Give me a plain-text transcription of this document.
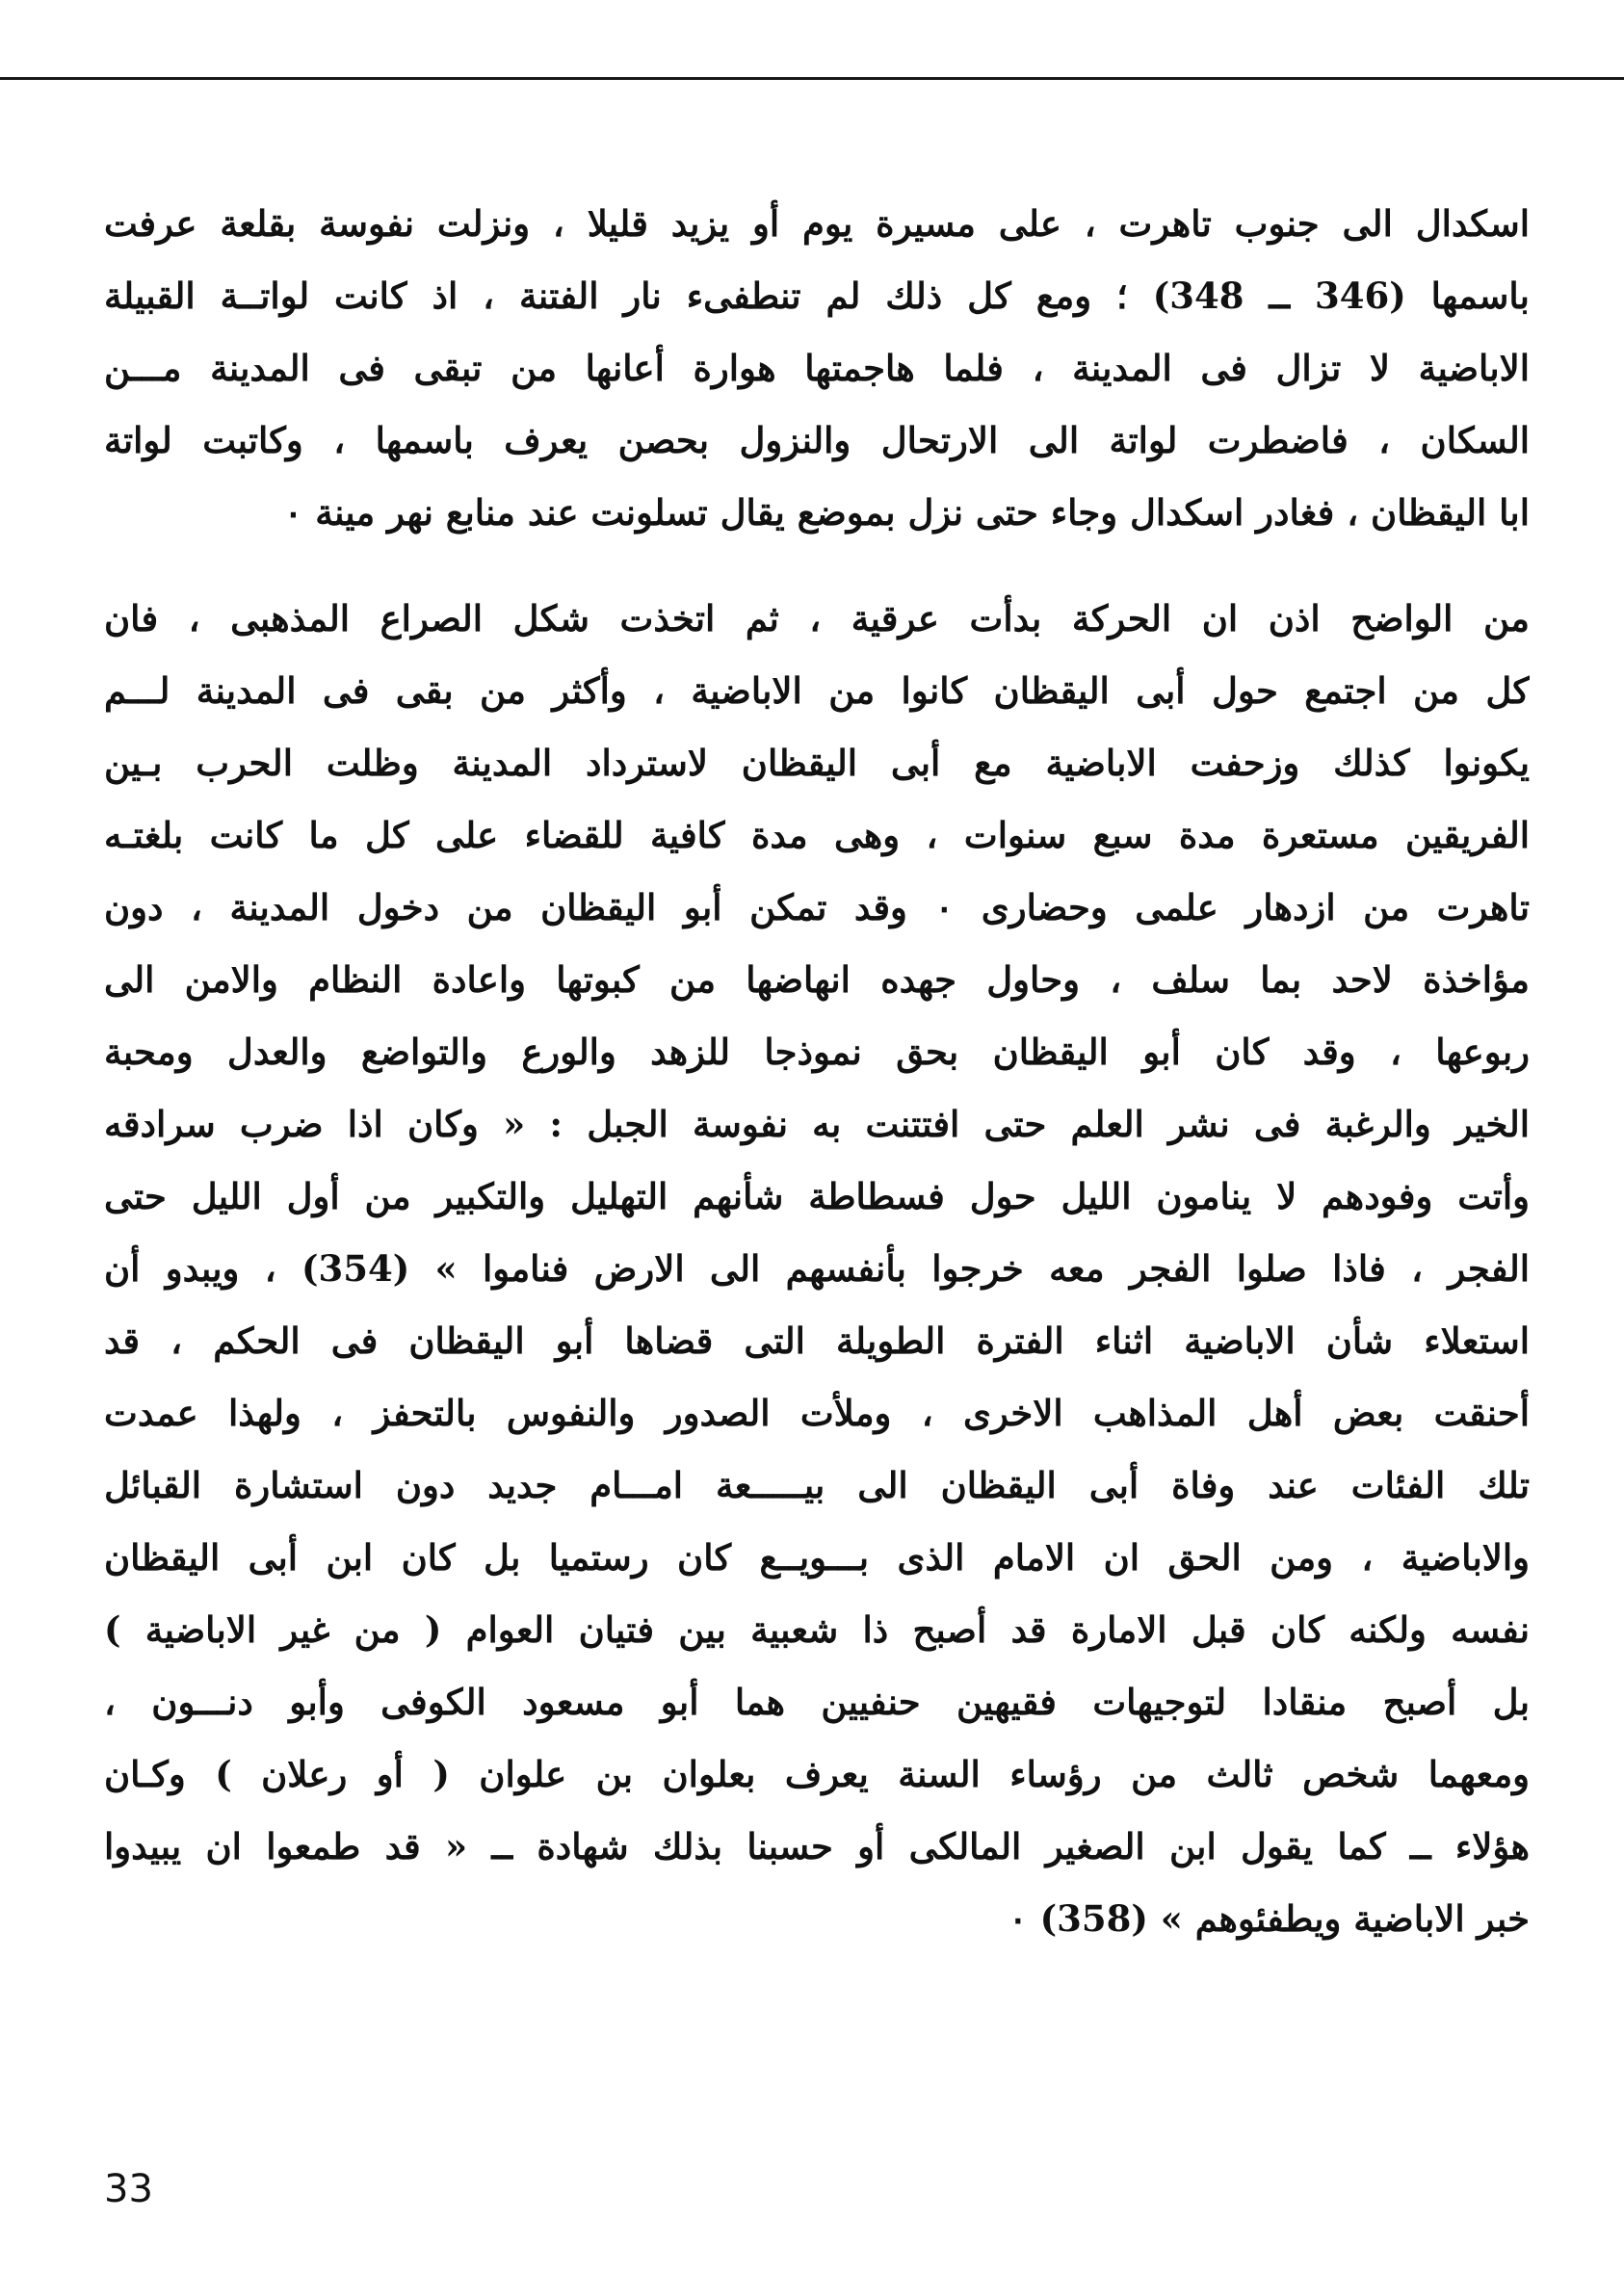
اسكدال الى جنوب تاهرت ، على مسيرة يوم أو يزيد قليلا ، ونزلت نفوسة بقلعة عرفت
باسمها (346 ــ 348) ؛ ومع كل ذلك لم تنطفىء نار الفتنة ، اذ كانت لواتــة القبيلة
الاباضية لا تزال فى المدينة ، فلما هاجمتها هوارة أعانها من تبقى فى المدينة مـــن
السكان ، فاضطرت لواتة الى الارتحال والنزول بحصن يعرف باسمها ، وكاتبت لواتة
ابا اليقظان ، فغادر اسكدال وجاء حتى نزل بموضع يقال تسلونت عند منابع نهر مينة ٠
من الواضح اذن ان الحركة بدأت عرقية ، ثم اتخذت شكل الصراع المذهبى ، فان
كل من اجتمع حول أبى اليقظان كانوا من الاباضية ، وأكثر من بقى فى المدينة لـــم
يكونوا كذلك وزحفت الاباضية مع أبى اليقظان لاسترداد المدينة وظلت الحرب بـين
الفريقين مستعرة مدة سبع سنوات ، وهى مدة كافية للقضاء على كل ما كانت بلغتـه
تاهرت من ازدهار علمى وحضارى ٠ وقد تمكن أبو اليقظان من دخول المدينة ، دون
مؤاخذة لاحد بما سلف ، وحاول جهده انهاضها من كبوتها واعادة النظام والامن الى
ربوعها ، وقد كان أبو اليقظان بحق نموذجا للزهد والورع والتواضع والعدل ومحبة
الخير والرغبة فى نشر العلم حتى افتتنت به نفوسة الجبل : « وكان اذا ضرب سرادقه
وأتت وفودهم لا ينامون الليل حول فسطاطة شأنهم التهليل والتكبير من أول الليل حتى
الفجر ، فاذا صلوا الفجر معه خرجوا بأنفسهم الى الارض فناموا » (354) ، ويبدو أن
استعلاء شأن الاباضية اثناء الفترة الطويلة التى قضاها أبو اليقظان فى الحكم ، قد
أحنقت بعض أهل المذاهب الاخرى ، وملأت الصدور والنفوس بالتحفز ، ولهذا عمدت
تلك الفئات عند وفاة أبى اليقظان الى بيـــــعة امـــام جديد دون استشارة القبائل
والاباضية ، ومن الحق ان الامام الذى بـــويــع كان رستميا بل كان ابن أبى اليقظان
نفسه ولكنه كان قبل الامارة قد أصبح ذا شعبية بين فتيان العوام ( من غير الاباضية )
بل أصبح منقادا لتوجيهات فقيهين حنفيين هما أبو مسعود الكوفى وأبو دنـــون ،
ومعهما شخص ثالث من رؤساء السنة يعرف بعلوان بن علوان ( أو رعلان ) وكـان
هؤلاء ــ كما يقول ابن الصغير المالكى أو حسبنا بذلك شهادة ــ « قد طمعوا ان يبيدوا
خبر الاباضية ويطفئوهم » (358) ٠
33
